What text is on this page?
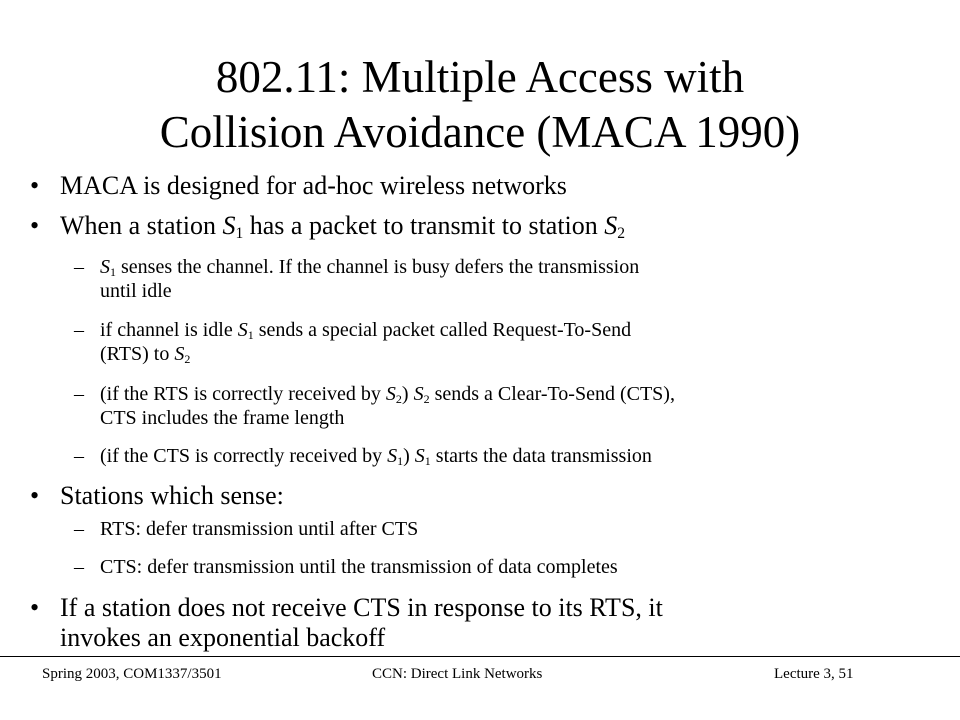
802.11: Multiple Access with
Collision Avoidance (MACA 1990)
• MACA is designed for ad-hoc wireless networks
• When a station $S_1$ has a packet to transmit to station $S_2$
– $S_1$ senses the channel. If the channel is busy defers the transmission
until idle
– if channel is idle $S_1$ sends a special packet called Request-To-Send
(RTS) to $S_2$
– (if the RTS is correctly received by $S_2$) $S_2$ sends a Clear-To-Send (CTS),
CTS includes the frame length
– (if the CTS is correctly received by $S_1$) $S_1$ starts the data transmission
• Stations which sense:
– RTS: defer transmission until after CTS
– CTS: defer transmission until the transmission of data completes
• If a station does not receive CTS in response to its RTS, it
invokes an exponential backoff
Spring 2003, COM1337/3501	CCN: Direct Link Networks	Lecture 3, 51
